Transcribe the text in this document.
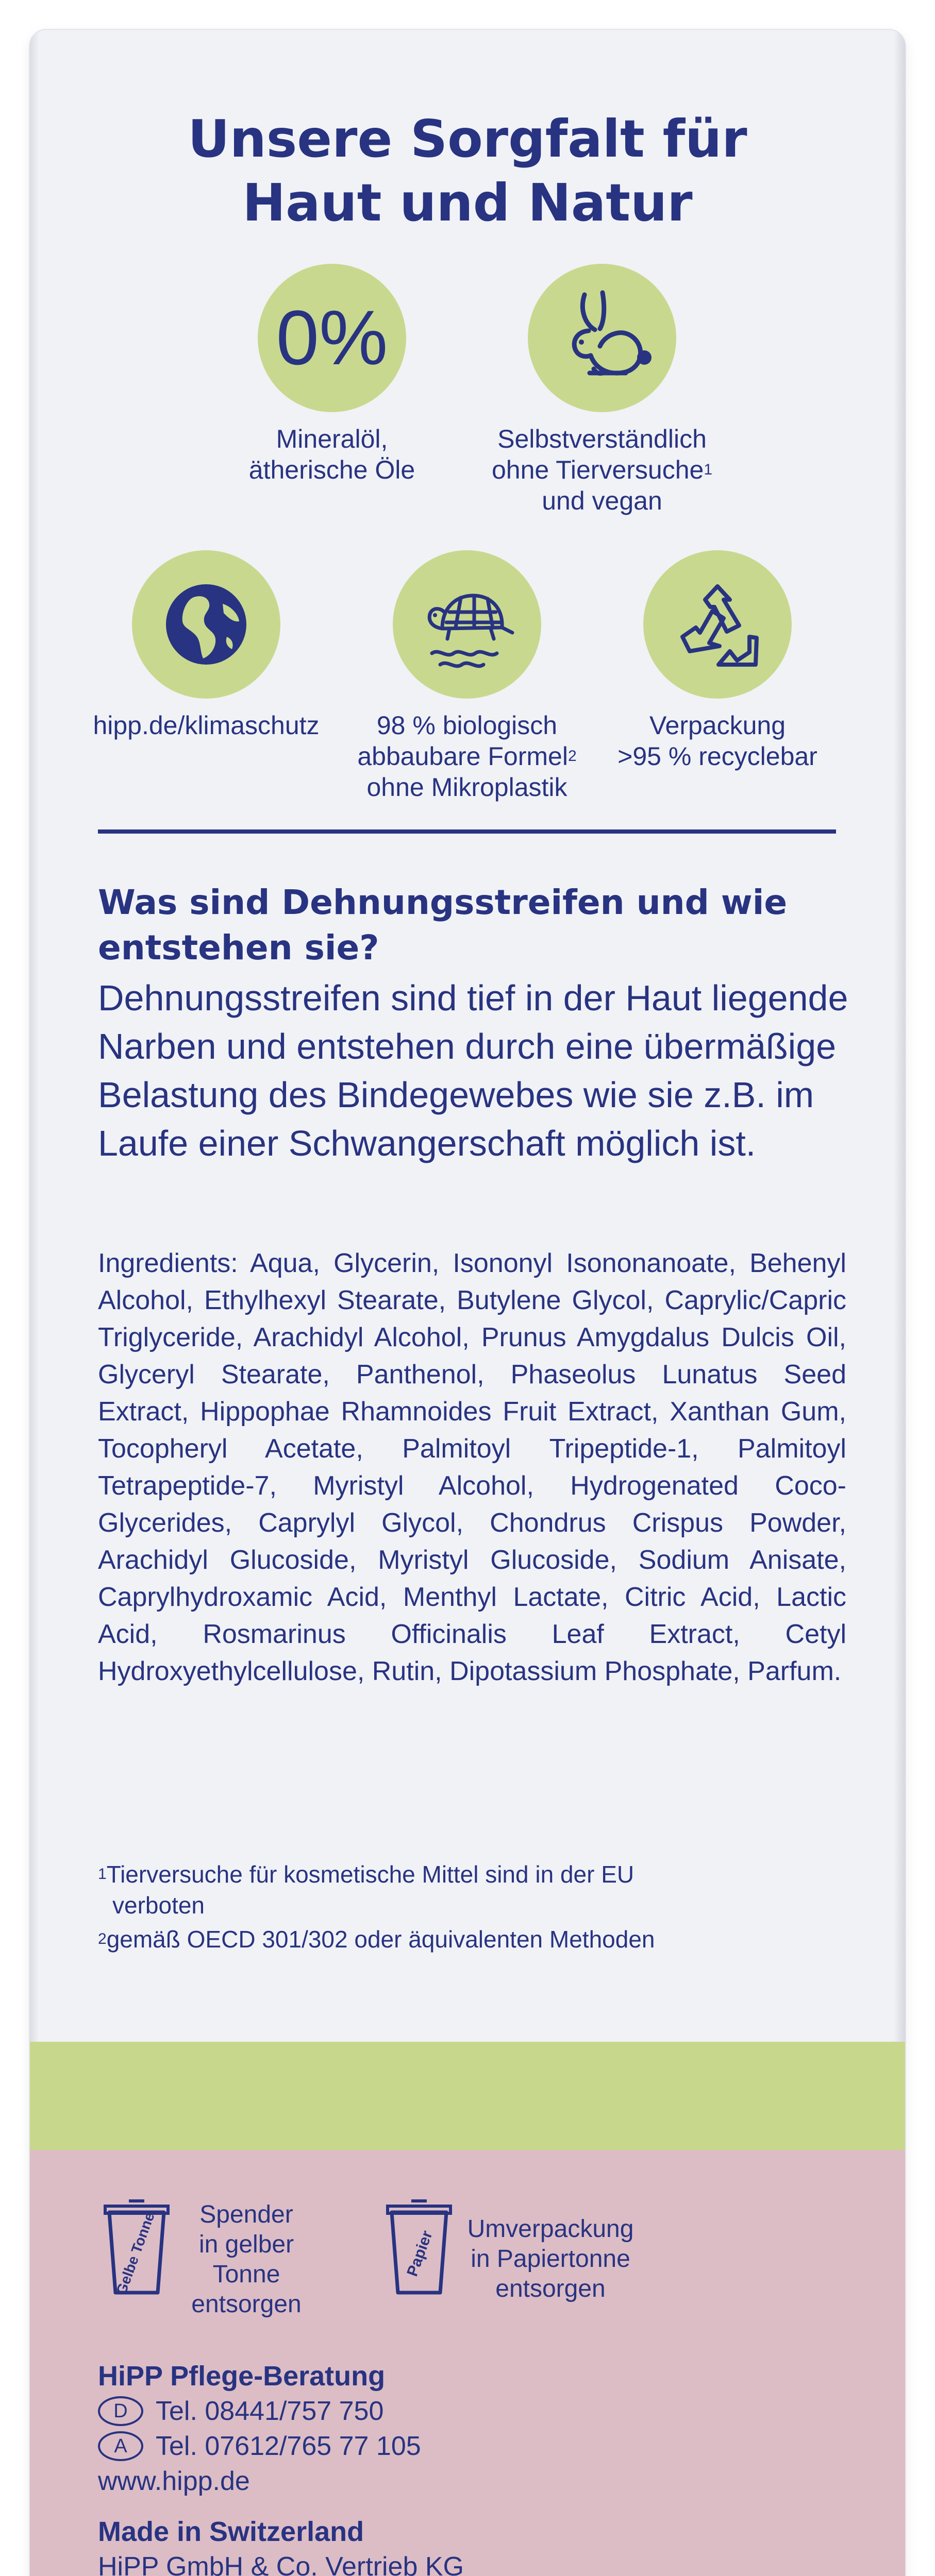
Unsere Sorgfalt für
Haut und Natur
0%
Mineralöl,
ätherische Öle
Selbstverständlich
ohne Tierversuche$^1$
und vegan
hipp.de/klimaschutz	98 % biologisch
abbaubare Formel$^2$
ohne Mikroplastik
Verpackung
>95 % recyclebar
Was sind Dehnungsstreifen und wie entstehen sie?
Dehnungsstreifen sind tief in der Haut liegende Narben und entstehen durch eine übermäßige Belastung des Bindegewebes wie sie z.B. im Laufe einer Schwangerschaft möglich ist.
Ingredients: Aqua, Glycerin, Isononyl Isononanoate, Behenyl Alcohol, Ethylhexyl Stearate, Butylene Glycol, Caprylic/Capric Triglyceride, Arachidyl Alcohol, Prunus Amygdalus Dulcis Oil, Glyceryl Stearate, Panthenol, Phaseolus Lunatus Seed Extract, Hippophae Rhamnoides Fruit Extract, Xanthan Gum, Tocopheryl Acetate, Palmitoyl Tripeptide-1, Palmitoyl Tetrapeptide-7, Myristyl Alcohol, Hydrogenated Coco-Glycerides, Caprylyl Glycol, Chondrus Crispus Powder, Arachidyl Glucoside, Myristyl Glucoside, Sodium Anisate, Caprylhydroxamic Acid, Menthyl Lactate, Citric Acid, Lactic Acid, Rosmarinus Officinalis Leaf Extract, Cetyl Hydroxyethylcellulose, Rutin, Dipotassium Phosphate, Parfum.
$^1$Tierversuche für kosmetische Mittel sind in der EU
verboten
$^2$gemäß OECD 301/302 oder äquivalenten Methoden
Gelbe Tonne	Spender
in gelber
Tonne
entsorgen
Papier	Umverpackung
in Papiertonne
entsorgen
HiPP Pflege-Beratung
D	Tel. 08441/757 750
A	Tel. 07612/765 77 105
www.hipp.de
Made in Switzerland
HiPP GmbH & Co. Vertrieb KG
